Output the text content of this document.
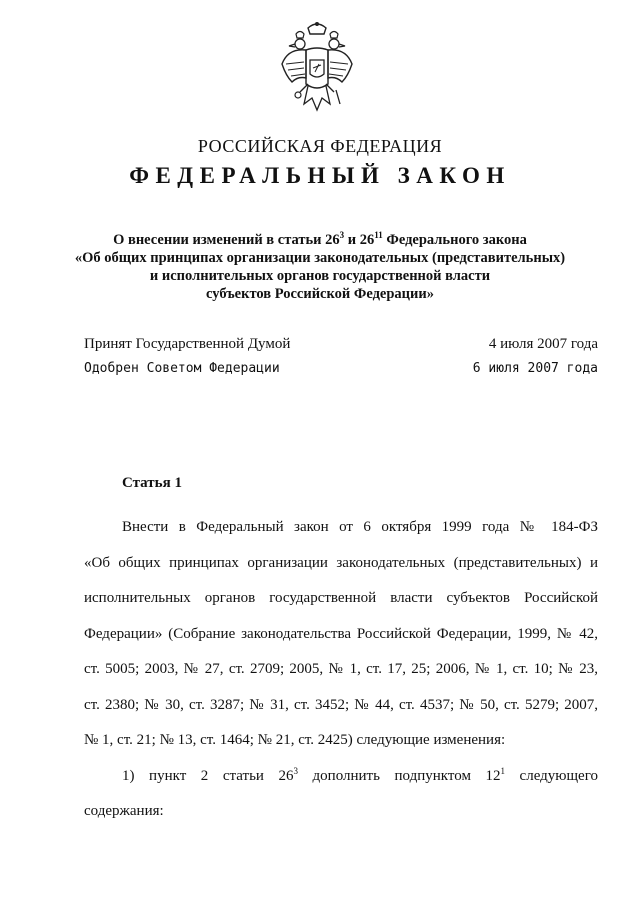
РОССИЙСКАЯ ФЕДЕРАЦИЯ
ФЕДЕРАЛЬНЫЙ ЗАКОН
О внесении изменений в статьи $26^3$ и $26^{11}$ Федерального закона
«Об общих принципах организации законодательных (представительных)
и исполнительных органов государственной власти
субъектов Российской Федерации»
Принят Государственной Думой	4 июля 2007 года
Одобрен Советом Федерации	6 июля 2007 года
Статья 1
Внести в Федеральный закон от 6 октября 1999 года № 184-ФЗ
«Об общих принципах организации законодательных (представительных) и
исполнительных органов государственной власти субъектов Российской
Федерации» (Собрание законодательства Российской Федерации, 1999, № 42,
ст. 5005; 2003, № 27, ст. 2709; 2005, № 1, ст. 17, 25; 2006, № 1, ст. 10; № 23,
ст. 2380; № 30, ст. 3287; № 31, ст. 3452; № 44, ст. 4537; № 50, ст. 5279; 2007,
№ 1, ст. 21; № 13, ст. 1464; № 21, ст. 2425) следующие изменения:
1) пункт 2 статьи $26^3$ дополнить подпунктом $12^1$ следующего
содержания:
